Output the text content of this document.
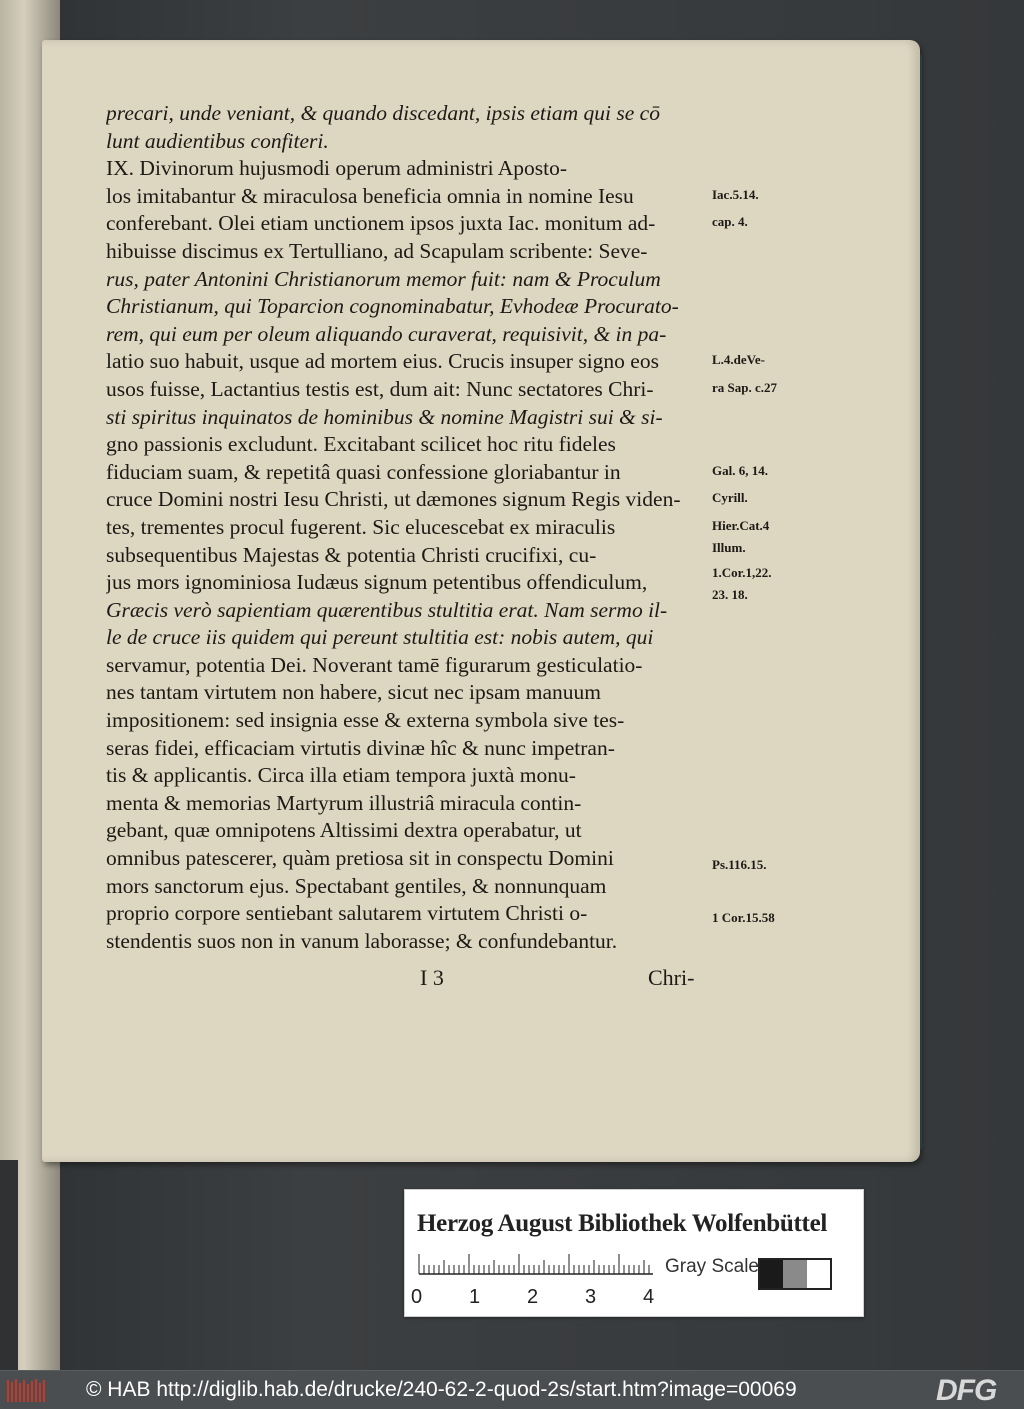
precari, unde veniant, & quando discedant, ipsis etiam qui se cō
lunt audientibus confiteri.
IX. Divinorum hujusmodi operum administri Aposto-
los imitabantur & miraculosa beneficia omnia in nomine Iesu
conferebant. Olei etiam unctionem ipsos juxta Iac. monitum ad-
hibuisse discimus ex Tertulliano, ad Scapulam scribente: Seve-
rus, pater Antonini Christianorum memor fuit: nam & Proculum
Christianum, qui Toparcion cognominabatur, Evhodeæ Procurato-
rem, qui eum per oleum aliquando curaverat, requisivit, & in pa-
latio suo habuit, usque ad mortem eius. Crucis insuper signo eos
usos fuisse, Lactantius testis est, dum ait: Nunc sectatores Chri-
sti spiritus inquinatos de hominibus & nomine Magistri sui & si-
gno passionis excludunt. Excitabant scilicet hoc ritu fideles
fiduciam suam, & repetitâ quasi confessione gloriabantur in
cruce Domini nostri Iesu Christi, ut dæmones signum Regis viden-
tes, trementes procul fugerent. Sic elucescebat ex miraculis
subsequentibus Majestas & potentia Christi crucifixi, cu-
jus mors ignominiosa Iudæus signum petentibus offendiculum,
Græcis verò sapientiam quærentibus stultitia erat. Nam sermo il-
le de cruce iis quidem qui pereunt stultitia est: nobis autem, qui
servamur, potentia Dei. Noverant tamē figurarum gesticulatio-
nes tantam virtutem non habere, sicut nec ipsam manuum
impositionem: sed insignia esse & externa symbola sive tes-
seras fidei, efficaciam virtutis divinæ hîc & nunc impetran-
tis & applicantis. Circa illa etiam tempora juxtà monu-
menta & memorias Martyrum illustriâ miracula contin-
gebant, quæ omnipotens Altissimi dextra operabatur, ut
omnibus patescerer, quàm pretiosa sit in conspectu Domini
mors sanctorum ejus. Spectabant gentiles, & nonnunquam
proprio corpore sentiebant salutarem virtutem Christi o-
stendentis suos non in vanum laborasse; & confundebantur.
Iac.5.14.
cap. 4.
L.4.deVe-
ra Sap. c.27
Gal. 6, 14.
Cyrill.
Hier.Cat.4
Illum.
1.Cor.1,22.
23. 18.
Ps.116.15.
1 Cor.15.58
I 3	Chri-
Herzog August Bibliothek Wolfenbüttel
0 1 2 3 4
Gray Scale
© HAB http://diglib.hab.de/drucke/240-62-2-quod-2s/start.htm?image=00069	DFG
